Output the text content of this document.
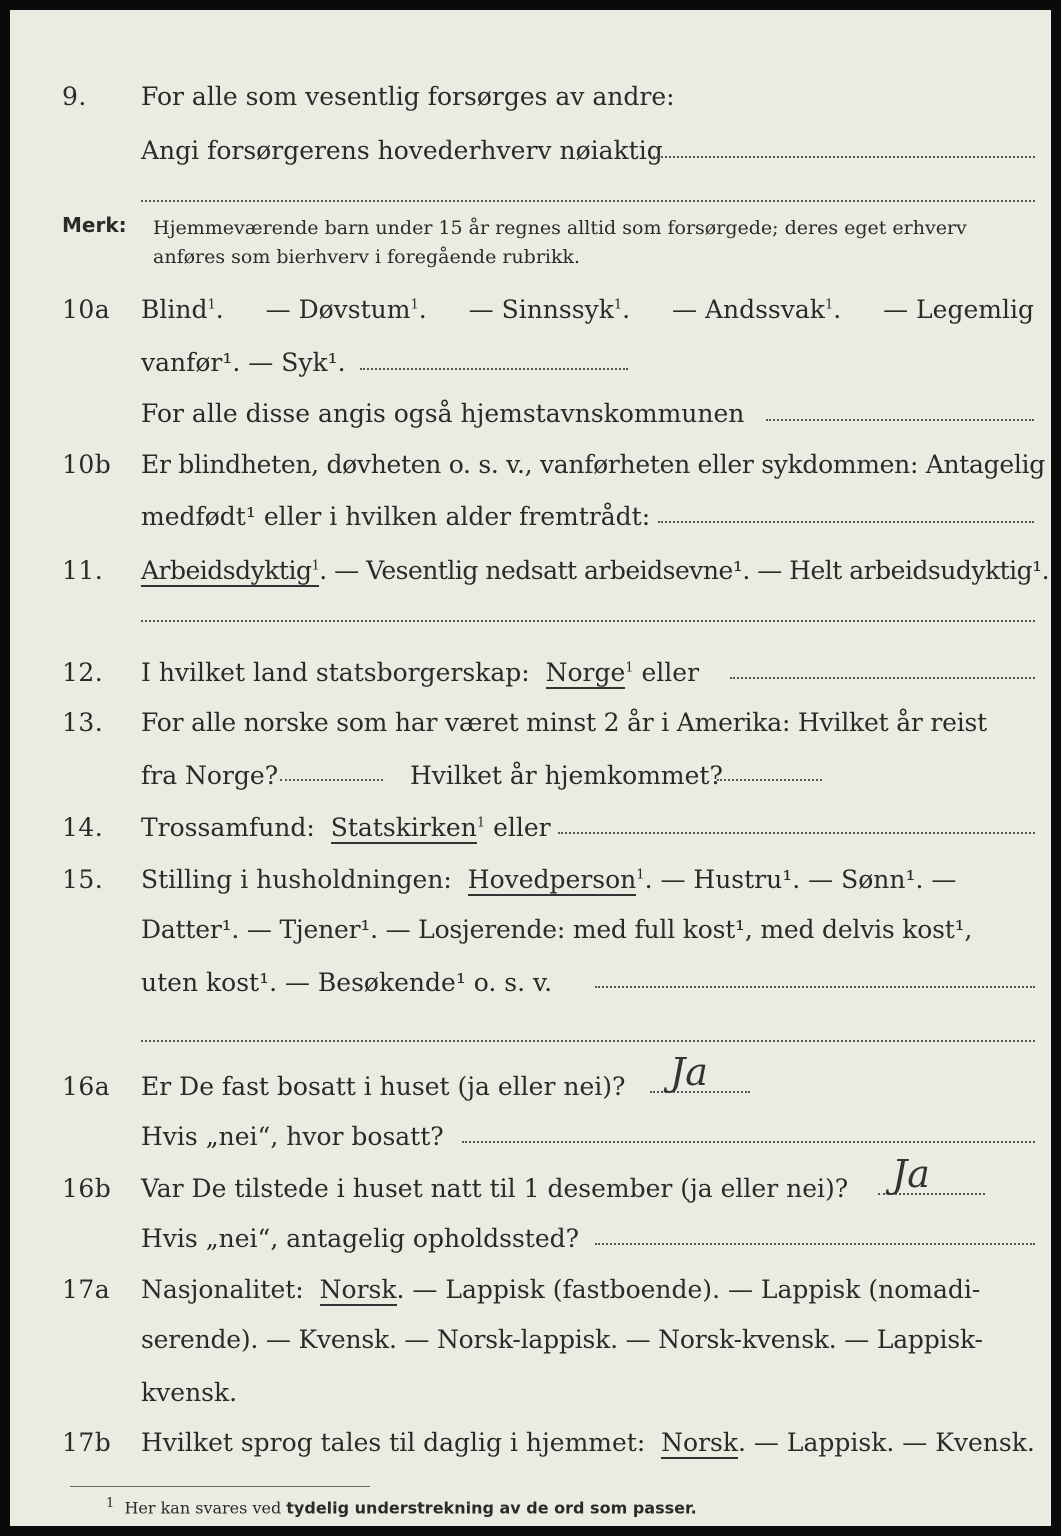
9. For alle som vesentlig forsørges av andre:
Angi forsørgerens hovederhverv nøiaktig
Merk: Hjemmeværende barn under 15 år regnes alltid som forsørgede; deres eget erhverv
anføres som bierhverv i foregående rubrikk.
10a Blind$^1$. — Døvstum$^1$. — Sinnssyk$^1$. — Andssvak$^1$. — Legemlig
vanfør¹. — Syk¹.
For alle disse angis også hjemstavnskommunen
10b Er blindheten, døvheten o. s. v., vanførheten eller sykdommen: Antagelig
medfødt¹ eller i hvilken alder fremtrådt:
11. Arbeidsdyktig$^1$. — Vesentlig nedsatt arbeidsevne¹. — Helt arbeidsudyktig¹.
12. I hvilket land statsborgerskap: Norge$^1$ eller
13. For alle norske som har været minst 2 år i Amerika: Hvilket år reist
fra Norge?	Hvilket år hjemkommet?
14. Trossamfund: Statskirken$^1$ eller
15. Stilling i husholdningen: Hovedperson$^1$. — Hustru¹. — Sønn¹. —
Datter¹. — Tjener¹. — Losjerende: med full kost¹, med delvis kost¹,
uten kost¹. — Besøkende¹ o. s. v.
16a Er De fast bosatt i huset (ja eller nei)? Ja
Hvis „nei“, hvor bosatt?
16b Var De tilstede i huset natt til 1 desember (ja eller nei)? Ja
Hvis „nei“, antagelig opholdssted?
17a Nasjonalitet: Norsk. — Lappisk (fastboende). — Lappisk (nomadi-
serende). — Kvensk. — Norsk-lappisk. — Norsk-kvensk. — Lappisk-
kvensk.
17b Hvilket sprog tales til daglig i hjemmet: Norsk. — Lappisk. — Kvensk.
$^1$ Her kan svares ved tydelig understrekning av de ord som passer.
